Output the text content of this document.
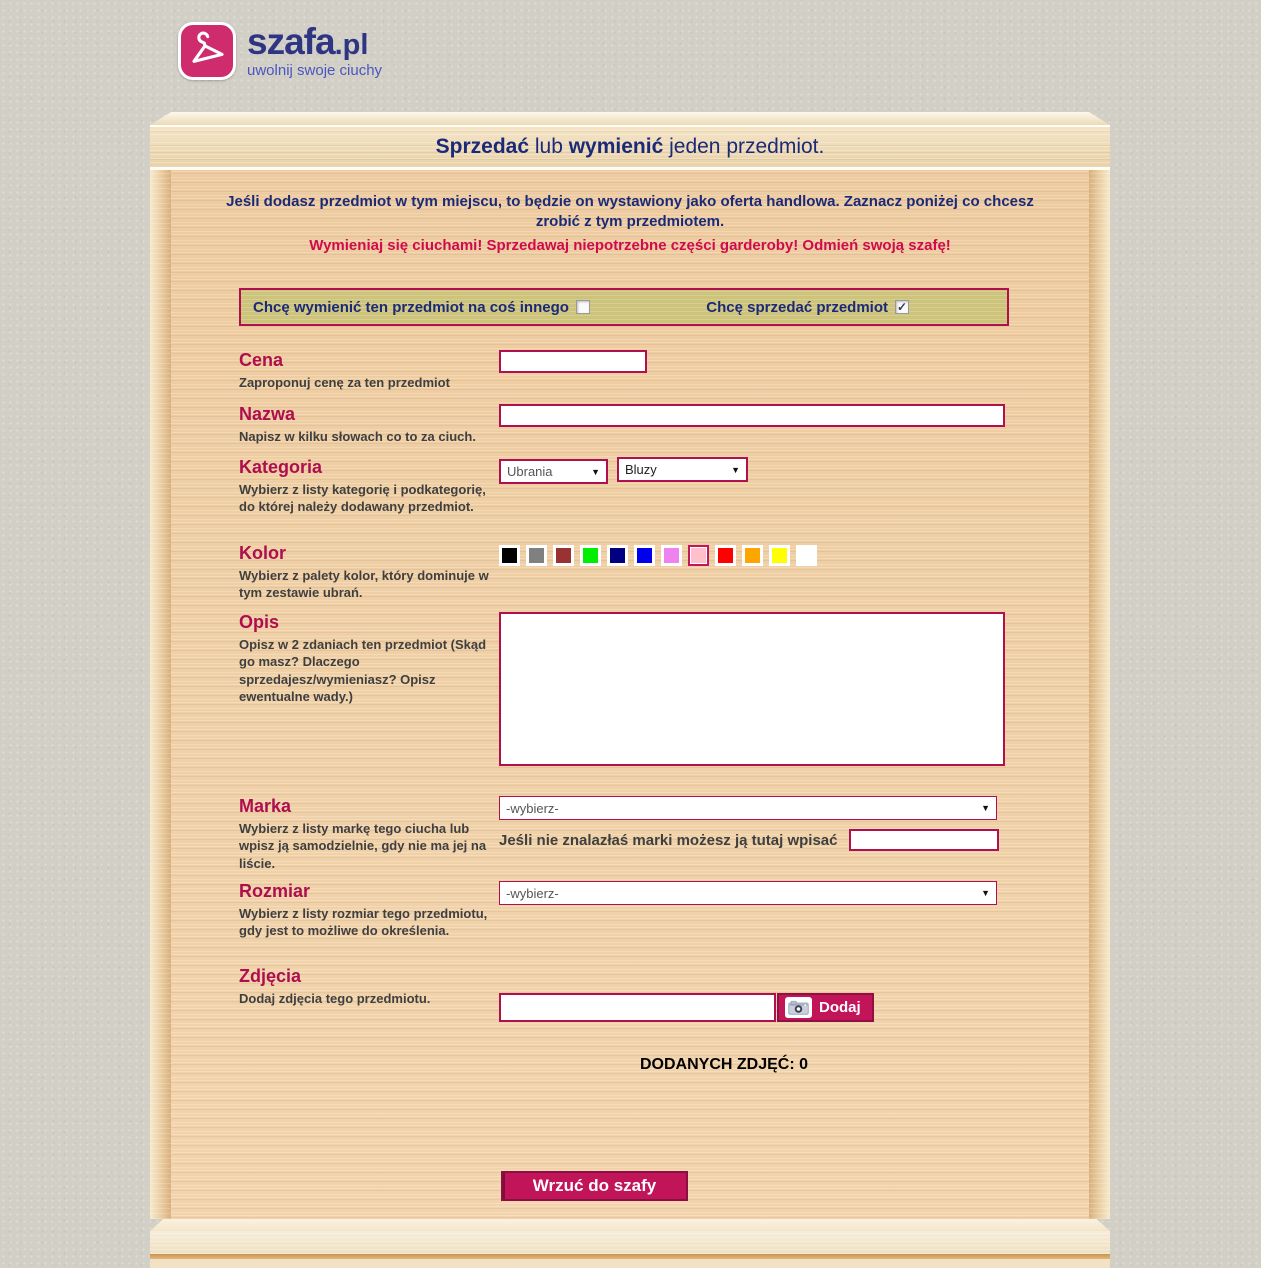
szafa.pl
uwolnij swoje ciuchy
Sprzedać lub wymienić jeden przedmiot.
Jeśli dodasz przedmiot w tym miejscu, to będzie on wystawiony jako oferta handlowa. Zaznacz poniżej co chcesz zrobić z tym przedmiotem.
Wymieniaj się ciuchami! Sprzedawaj niepotrzebne części garderoby! Odmień swoją szafę!
Chcę wymienić ten przedmiot na coś innego	Chcę sprzedać przedmiot ✓
Cena
Zaproponuj cenę za ten przedmiot
Nazwa
Napisz w kilku słowach co to za ciuch.
Kategoria
Wybierz z listy kategorię i podkategorię, do której należy dodawany przedmiot.
Ubrania	▼ Bluzy	▼
Kolor
Wybierz z palety kolor, który dominuje w tym zestawie ubrań.
Opis
Opisz w 2 zdaniach ten przedmiot (Skąd go masz? Dlaczego sprzedajesz/wymieniasz? Opisz ewentualne wady.)
Marka
Wybierz z listy markę tego ciucha lub wpisz ją samodzielnie, gdy nie ma jej na liście.
-wybierz-	▼
Jeśli nie znalazłaś marki możesz ją tutaj wpisać
Rozmiar
Wybierz z listy rozmiar tego przedmiotu, gdy jest to możliwe do określenia.
-wybierz-	▼
Zdjęcia
Dodaj zdjęcia tego przedmiotu.
Dodaj
DODANYCH ZDJĘĆ: 0
Wrzuć do szafy
